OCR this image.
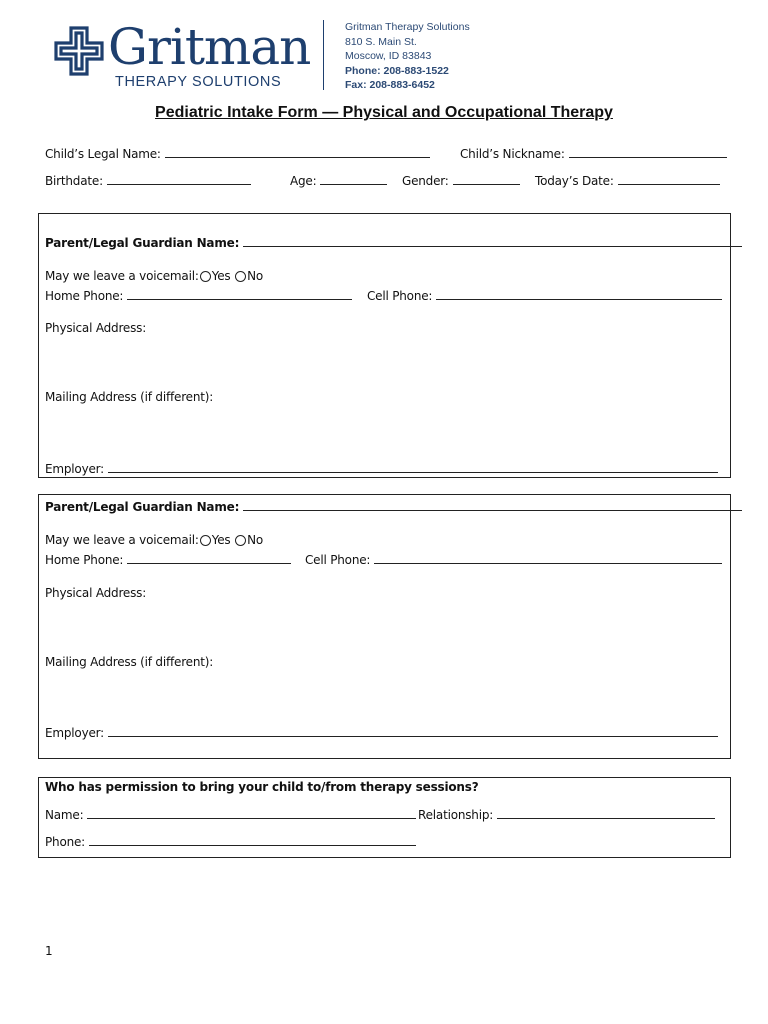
Gritman
THERAPY SOLUTIONS
Gritman Therapy Solutions
810 S. Main St.
Moscow, ID 83843
Phone: 208-883-1522
Fax: 208-883-6452
Pediatric Intake Form — Physical and Occupational Therapy
Child’s Legal Name:	Child’s Nickname:
Birthdate:	Age:	Gender:	Today’s Date:
Parent/Legal Guardian Name:
May we leave a voicemail: Yes No
Home Phone:	Cell Phone:
Physical Address:
Mailing Address (if different):
Employer:
Parent/Legal Guardian Name:
May we leave a voicemail: Yes No
Home Phone:	Cell Phone:
Physical Address:
Mailing Address (if different):
Employer:
Who has permission to bring your child to/from therapy sessions?
Name:	Relationship:
Phone:
1
